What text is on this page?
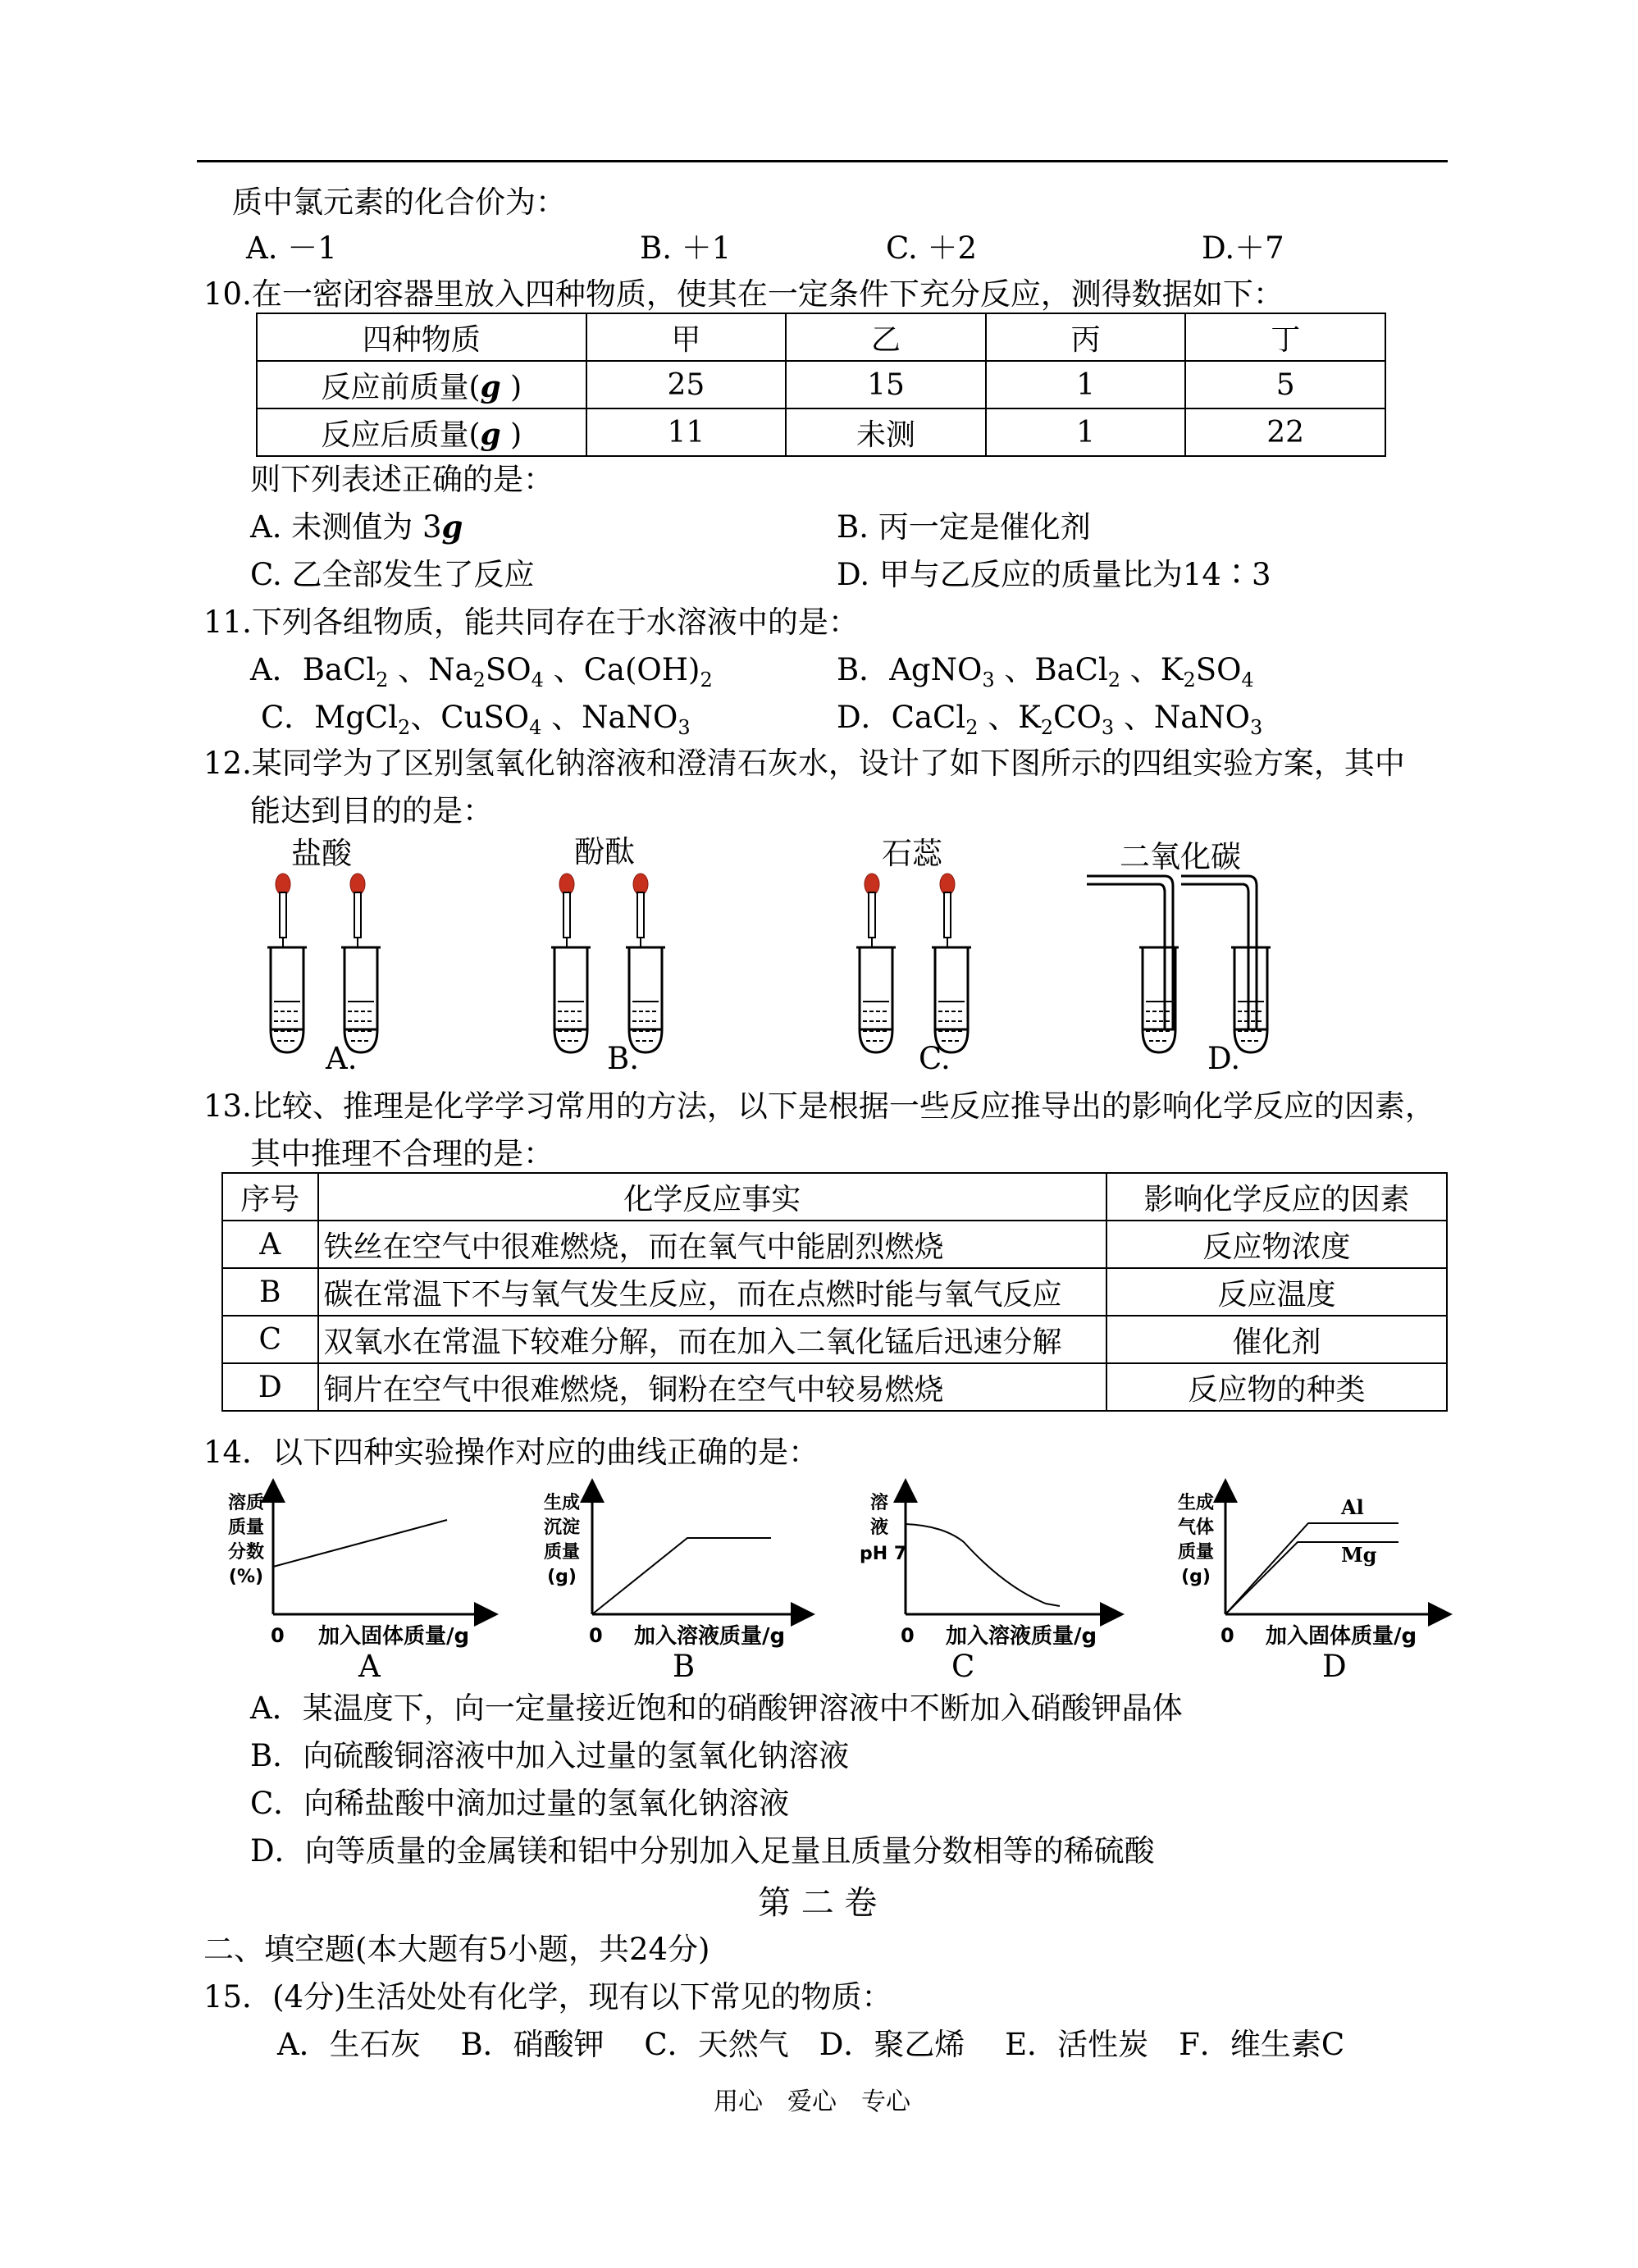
质中氯元素的化合价为：
A. －1	B. ＋1	C. ＋2	D.＋7
10.在一密闭容器里放入四种物质，使其在一定条件下充分反应，测得数据如下：
四种物质	甲	乙	丙	丁
反应前质量(g )	25	15	1	5
反应后质量(g )	11	未测	1	22
则下列表述正确的是：
A. 未测值为 3g	B. 丙一定是催化剂
C. 乙全部发生了反应	D. 甲与乙反应的质量比为14∶3
11.下列各组物质，能共同存在于水溶液中的是：
A．BaCl$_2$ 、$Na_2SO_4$ 、$Ca(OH)_2$	B．AgNO$_3$ 、BaCl$_2$ 、$K_2SO_4$
C．MgCl$_2$、CuSO$_4$ 、NaNO$_3$	D．CaCl$_2$ 、$K_2CO_3$ 、NaNO$_3$
12.某同学为了区别氢氧化钠溶液和澄清石灰水，设计了如下图所示的四组实验方案，其中
能达到目的的是：
盐酸	酚酞	石蕊	二氧化碳
A.	B.	C.	D.
13.比较、推理是化学学习常用的方法，以下是根据一些反应推导出的影响化学反应的因素，
其中推理不合理的是：
序号	化学反应事实	影响化学反应的因素
A	铁丝在空气中很难燃烧，而在氧气中能剧烈燃烧	反应物浓度
B	碳在常温下不与氧气发生反应，而在点燃时能与氧气反应	反应温度
C	双氧水在常温下较难分解，而在加入二氧化锰后迅速分解	催化剂
D	铜片在空气中很难燃烧，铜粉在空气中较易燃烧	反应物的种类
14．以下四种实验操作对应的曲线正确的是：
溶质
质量
分数
(%)
0 加入固体质量/g
A
生成
沉淀
质量
(g)
0 加入溶液质量/g
B
溶
液
pH 7
0 加入溶液质量/g
C
生成
气体
质量
(g)
Al
Mg
0 加入固体质量/g
D
A．某温度下，向一定量接近饱和的硝酸钾溶液中不断加入硝酸钾晶体
B．向硫酸铜溶液中加入过量的氢氧化钠溶液
C．向稀盐酸中滴加过量的氢氧化钠溶液
D．向等质量的金属镁和铝中分别加入足量且质量分数相等的稀硫酸
第 二 卷
二、填空题(本大题有5小题，共24分)
15．(4分)生活处处有化学，现有以下常见的物质：
A．生石灰　 B．硝酸钾　 C．天然气　D．聚乙烯　 E．活性炭　F．维生素C
用心　爱心　专心
